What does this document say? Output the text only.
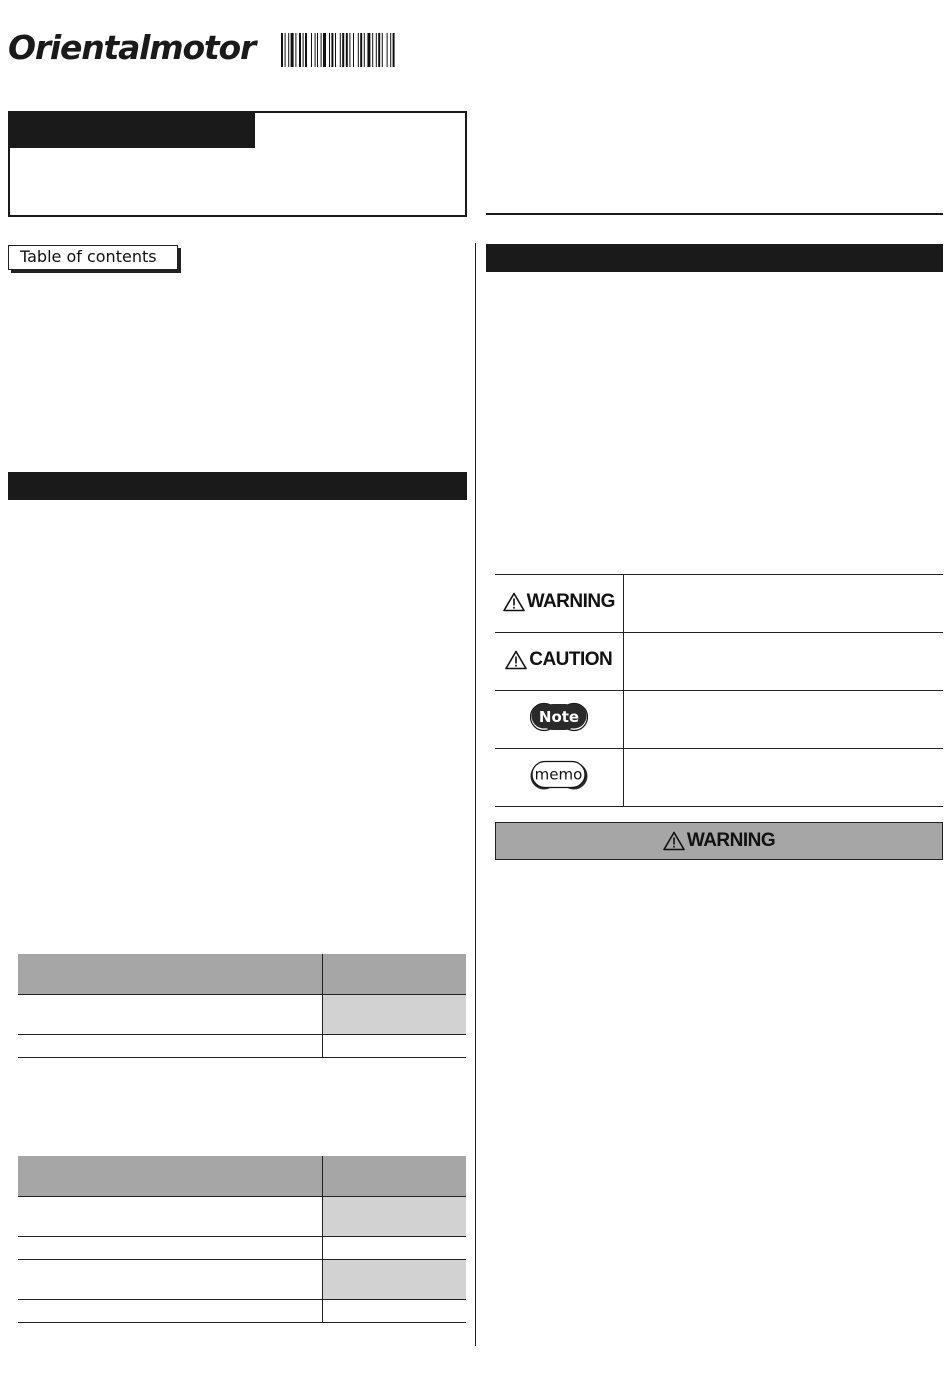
Orientalmotor
Table of contents

WARNING	

CAUTION	

Note	

memo	

WARNING
